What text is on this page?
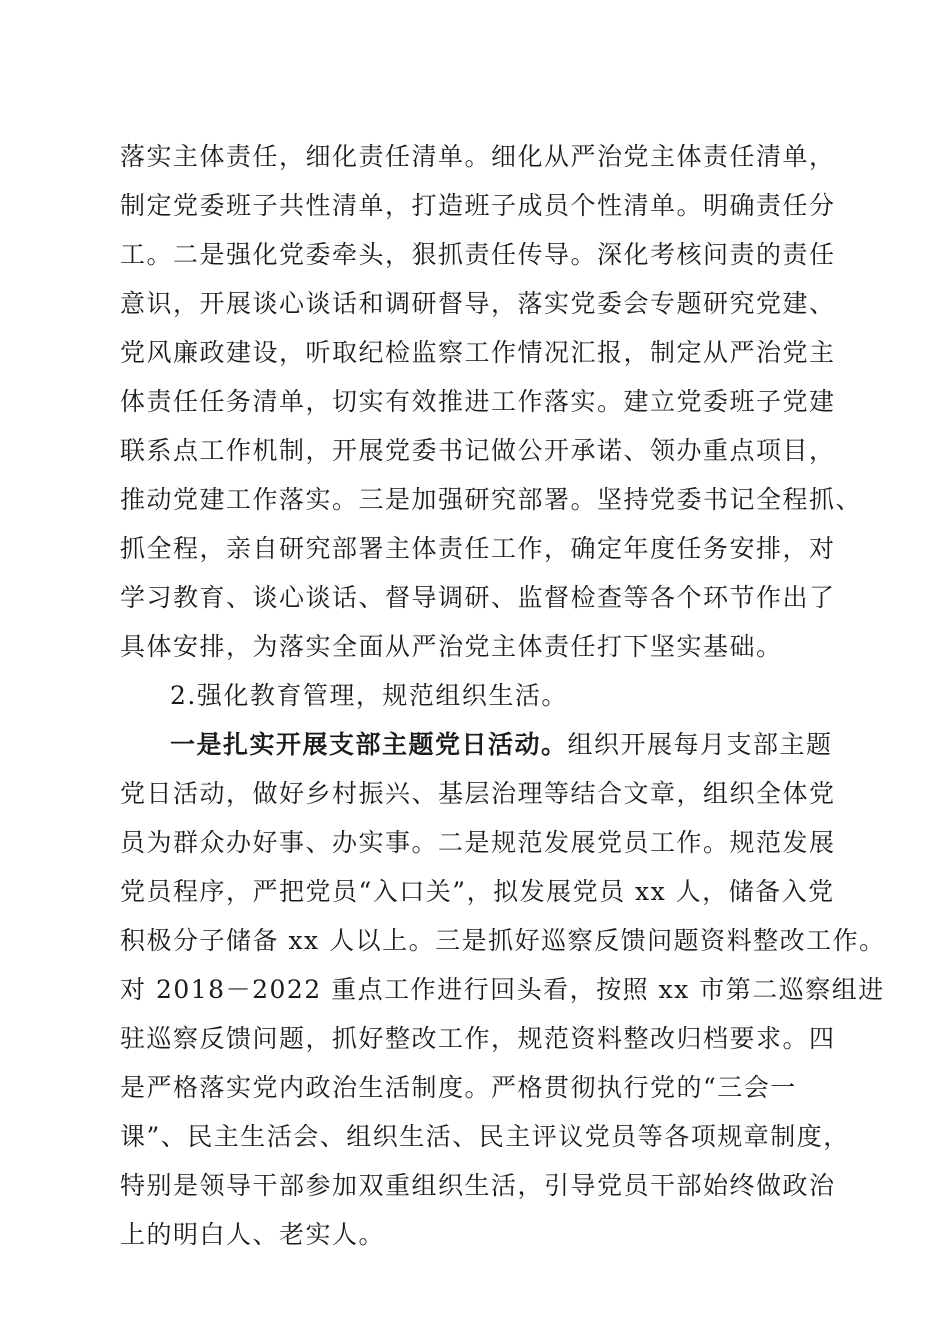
落实主体责任，细化责任清单。细化从严治党主体责任清单，

制定党委班子共性清单，打造班子成员个性清单。明确责任分

工。二是强化党委牵头，狠抓责任传导。深化考核问责的责任

意识，开展谈心谈话和调研督导，落实党委会专题研究党建、

党风廉政建设，听取纪检监察工作情况汇报，制定从严治党主

体责任任务清单，切实有效推进工作落实。建立党委班子党建

联系点工作机制，开展党委书记做公开承诺、领办重点项目，

推动党建工作落实。三是加强研究部署。坚持党委书记全程抓、

抓全程，亲自研究部署主体责任工作，确定年度任务安排，对

学习教育、谈心谈话、督导调研、监督检查等各个环节作出了

具体安排，为落实全面从严治党主体责任打下坚实基础。

2.强化教育管理，规范组织生活。

一是扎实开展支部主题党日活动。组织开展每月支部主题

党日活动，做好乡村振兴、基层治理等结合文章，组织全体党

员为群众办好事、办实事。二是规范发展党员工作。规范发展

党员程序，严把党员“入口关”，拟发展党员 xx 人，储备入党

积极分子储备 xx 人以上。三是抓好巡察反馈问题资料整改工作。

对 2018－2022 重点工作进行回头看，按照 xx 市第二巡察组进

驻巡察反馈问题，抓好整改工作，规范资料整改归档要求。四

是严格落实党内政治生活制度。严格贯彻执行党的“三会一

课”、民主生活会、组织生活、民主评议党员等各项规章制度，

特别是领导干部参加双重组织生活，引导党员干部始终做政治

上的明白人、老实人。
